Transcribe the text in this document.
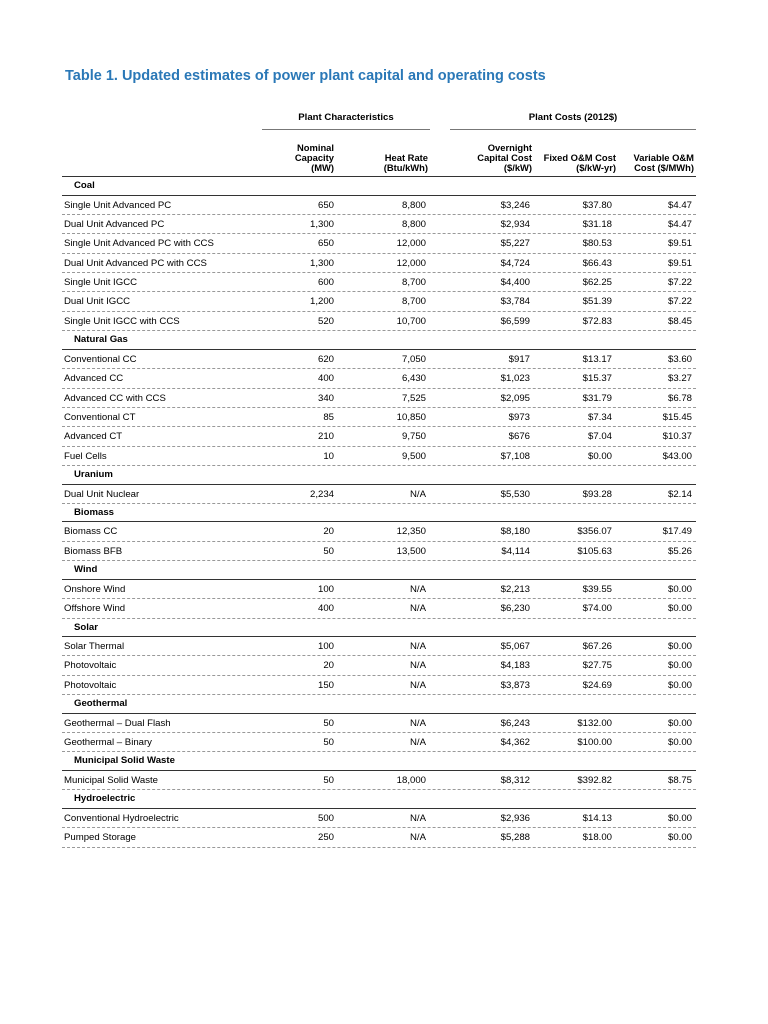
Table 1. Updated estimates of power plant capital and operating costs
Plant Characteristics	Plant Costs (2012$)
Nominal
Capacity
(MW)
Heat Rate
(Btu/kWh)
Overnight
Capital Cost
($/kW)
Fixed O&M Cost
($/kW-yr)
Variable O&M
Cost ($/MWh)
Coal
Single Unit Advanced PC	650	8,800	$3,246	$37.80	$4.47
Dual Unit Advanced PC	1,300	8,800	$2,934	$31.18	$4.47
Single Unit Advanced PC with CCS	650	12,000	$5,227	$80.53	$9.51
Dual Unit Advanced PC with CCS	1,300	12,000	$4,724	$66.43	$9.51
Single Unit IGCC	600	8,700	$4,400	$62.25	$7.22
Dual Unit IGCC	1,200	8,700	$3,784	$51.39	$7.22
Single Unit IGCC with CCS	520	10,700	$6,599	$72.83	$8.45
Natural Gas
Conventional CC	620	7,050	$917	$13.17	$3.60
Advanced CC	400	6,430	$1,023	$15.37	$3.27
Advanced CC with CCS	340	7,525	$2,095	$31.79	$6.78
Conventional CT	85	10,850	$973	$7.34	$15.45
Advanced CT	210	9,750	$676	$7.04	$10.37
Fuel Cells	10	9,500	$7,108	$0.00	$43.00
Uranium
Dual Unit Nuclear	2,234	N/A	$5,530	$93.28	$2.14
Biomass
Biomass CC	20	12,350	$8,180	$356.07	$17.49
Biomass BFB	50	13,500	$4,114	$105.63	$5.26
Wind
Onshore Wind	100	N/A	$2,213	$39.55	$0.00
Offshore Wind	400	N/A	$6,230	$74.00	$0.00
Solar
Solar Thermal	100	N/A	$5,067	$67.26	$0.00
Photovoltaic	20	N/A	$4,183	$27.75	$0.00
Photovoltaic	150	N/A	$3,873	$24.69	$0.00
Geothermal
Geothermal – Dual Flash	50	N/A	$6,243	$132.00	$0.00
Geothermal – Binary	50	N/A	$4,362	$100.00	$0.00
Municipal Solid Waste
Municipal Solid Waste	50	18,000	$8,312	$392.82	$8.75
Hydroelectric
Conventional Hydroelectric	500	N/A	$2,936	$14.13	$0.00
Pumped Storage	250	N/A	$5,288	$18.00	$0.00
